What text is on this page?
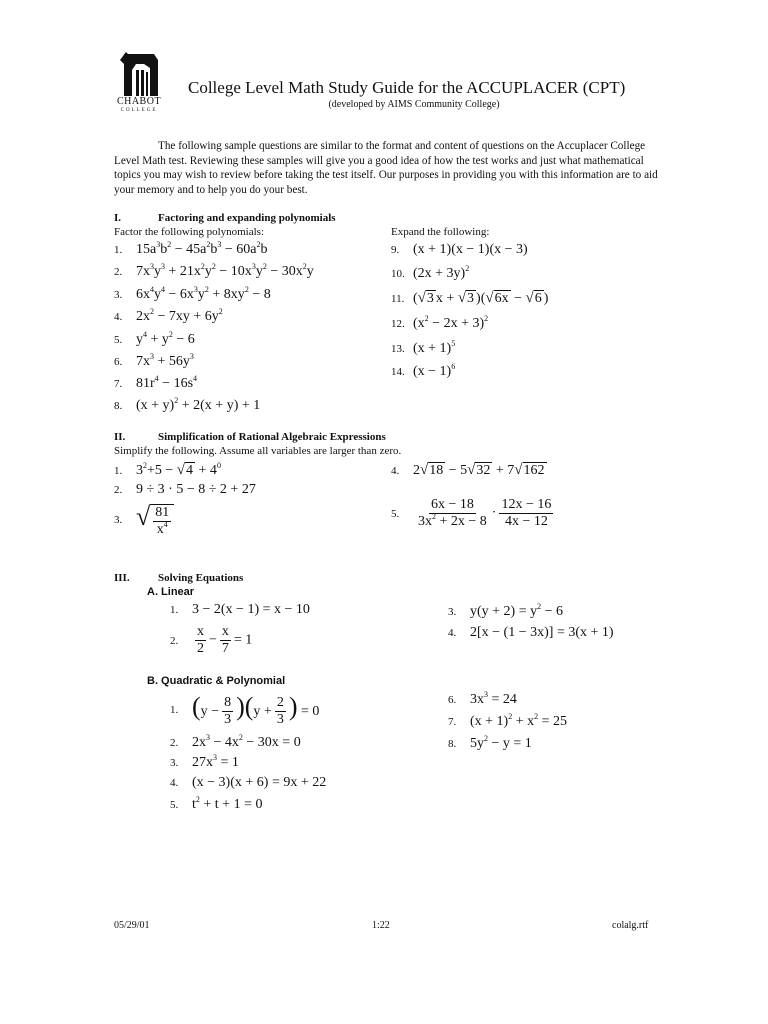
CHABOT
COLLEGE
College Level Math Study Guide for the ACCUPLACER (CPT)
(developed by AIMS Community College)
The following sample questions are similar to the format and content of questions on the Accuplacer College Level Math test. Reviewing these samples will give you a good idea of how the test works and just what mathematical topics you may wish to review before taking the test itself. Our purposes in providing you with this information are to aid your memory and to help you do your best.
I.	Factoring and expanding polynomials
Factor the following polynomials:	Expand the following:
1. $15a^3b^2 - 45a^2b^3 - 60a^2b$
2. $7x^3y^3 + 21x^2y^2 - 10x^3y^2 - 30x^2y$
3. $6x^4y^4 - 6x^3y^2 + 8xy^2 - 8$
4. $2x^2 - 7xy + 6y^2$
5. $y^4 + y^2 - 6$
6. $7x^3 + 56y^3$
7. $81r^4 - 16s^4$
8. $(x + y)^2 + 2(x + y) + 1$
9. (x + 1)(x − 1)(x − 3)
10. $(2x + 3y)^2$
11. (√3 x + √3 )(√6x − √6 )
12. $(x^2 - 2x + 3)^2$
13. $(x + 1)^5$
14. $(x - 1)^6$
II.	Simplification of Rational Algebraic Expressions
Simplify the following. Assume all variables are larger than zero.
1. $3^2+5 - √4 + 4^0$
2. 9 ÷ 3 · 5 − 8 ÷ 2 + 27
3. √ $\frac{81}{x^4}$
4. 2√18 − 5√32 + 7√162
5.	$\frac{6x - 18}{3x^2 + 2x - 8} \cdot \frac{12x - 16}{4x - 12}$
III.	Solving Equations
A. Linear
1. 3 − 2(x − 1) = x − 10
2.	$\frac{x}{2} - \frac{x}{7} = 1$
3. $y(y + 2) = y^2 - 6$
4. 2[x − (1 − 3x)] = 3(x + 1)
B. Quadratic & Polynomial
1. $(y - \frac{8}{3} )(y + \frac{2}{3}$ ) = 0
2. $2x^3 - 4x^2 - 30x = 0$
3. $27x^3 = 1$
4. (x − 3)(x + 6) = 9x + 22
5. $t^2 + t + 1 = 0$
6. $3x^3 = 24$
7. $(x + 1)^2 + x^2 = 25$
8. $5y^2 - y = 1$
05/29/01	1:22	colalg.rtf
